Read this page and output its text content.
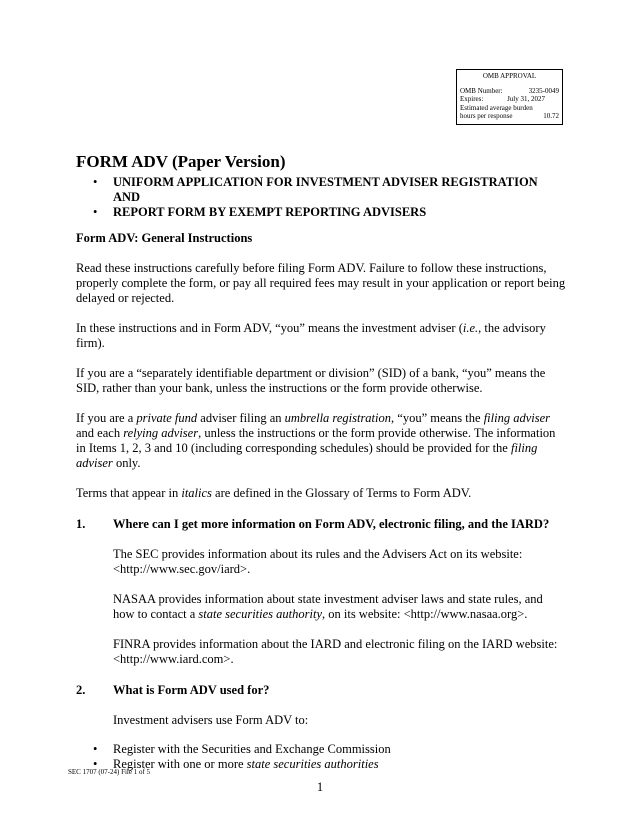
OMB APPROVAL
OMB Number:	3235-0049
Expires:	July 31, 2027
Estimated average burden
hours per response	10.72
FORM ADV (Paper Version)
• UNIFORM APPLICATION FOR INVESTMENT ADVISER REGISTRATION
AND
• REPORT FORM BY EXEMPT REPORTING ADVISERS
Form ADV: General Instructions

Read these instructions carefully before filing Form ADV. Failure to follow these instructions, properly complete the form, or pay all required fees may result in your application or report being delayed or rejected.

In these instructions and in Form ADV, “you” means the investment adviser (i.e., the advisory firm).

If you are a “separately identifiable department or division” (SID) of a bank, “you” means the SID, rather than your bank, unless the instructions or the form provide otherwise.

If you are a private fund adviser filing an umbrella registration, “you” means the filing adviser and each relying adviser, unless the instructions or the form provide otherwise. The information in Items 1, 2, 3 and 10 (including corresponding schedules) should be provided for the filing adviser only.

Terms that appear in italics are defined in the Glossary of Terms to Form ADV.

1.	Where can I get more information on Form ADV, electronic filing, and the IARD?

The SEC provides information about its rules and the Advisers Act on its website: <http://www.sec.gov/iard>.

NASAA provides information about state investment adviser laws and state rules, and how to contact a state securities authority, on its website: <http://www.nasaa.org>.

FINRA provides information about the IARD and electronic filing on the IARD website: <http://www.iard.com>.

2.	What is Form ADV used for?

Investment advisers use Form ADV to:

• Register with the Securities and Exchange Commission
• Register with one or more state securities authorities
SEC 1707 (07-24) File 1 of 5
1
